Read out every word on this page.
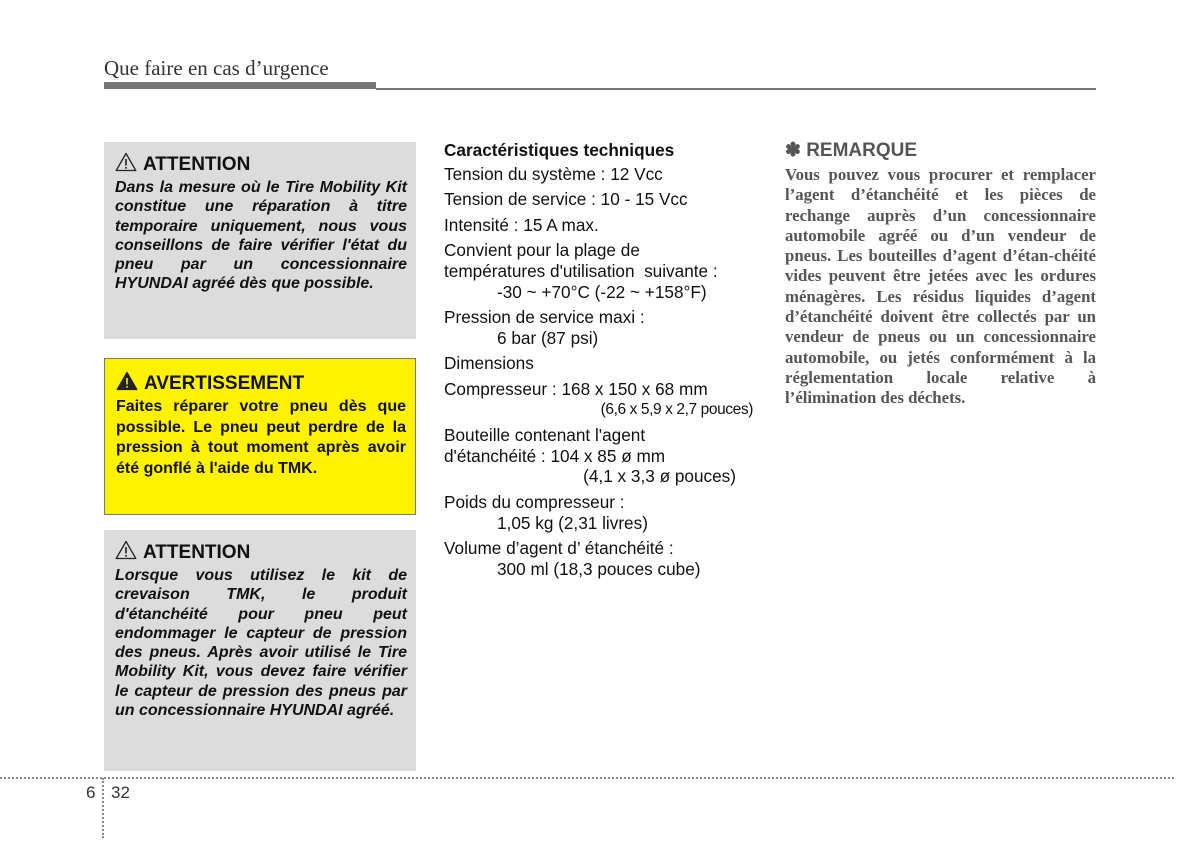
Que faire en cas d’urgence
ATTENTION

Dans la mesure où le Tire Mobility Kit constitue une réparation à titre temporaire uniquement, nous vous conseillons de faire vérifier l'état du pneu par un concessionnaire HYUNDAI agréé dès que possible.

AVERTISSEMENT

Faites réparer votre pneu dès que possible. Le pneu peut perdre de la pression à tout moment après avoir été gonflé à l'aide du TMK.

ATTENTION

Lorsque vous utilisez le kit de crevaison TMK, le produit d'étanchéité pour pneu peut endommager le capteur de pression des pneus. Après avoir utilisé le Tire Mobility Kit, vous devez faire vérifier le capteur de pression des pneus par un concessionnaire HYUNDAI agréé.

Caractéristiques techniques
Tension du système : 12 Vcc
Tension de service : 10 - 15 Vcc
Intensité : 15 A max.
Convient pour la plage de
températures d'utilisation  suivante :
-30 ~ +70°C (-22 ~ +158°F)
Pression de service maxi :
6 bar (87 psi)
Dimensions
Compresseur : 168 x 150 x 68 mm
(6,6 x 5,9 x 2,7 pouces)
Bouteille contenant l'agent
d'étanchéité : 104 x 85 ø mm
(4,1 x 3,3 ø pouces)
Poids du compresseur :
1,05 kg (2,31 livres)
Volume d’agent d’ étanchéité :
300 ml (18,3 pouces cube)
✽ REMARQUE

Vous pouvez vous procurer et remplacer l’agent d’étanchéité et les pièces de rechange auprès d’un concessionnaire automobile agréé ou d’un vendeur de pneus. Les bouteilles d’agent d’étan-chéité vides peuvent être jetées avec les ordures ménagères. Les résidus liquides d’agent d’étanchéité doivent être collectés par un vendeur de pneus ou un concessionnaire automobile, ou jetés conformément à la réglementation locale relative à l’élimination des déchets.

6 32
